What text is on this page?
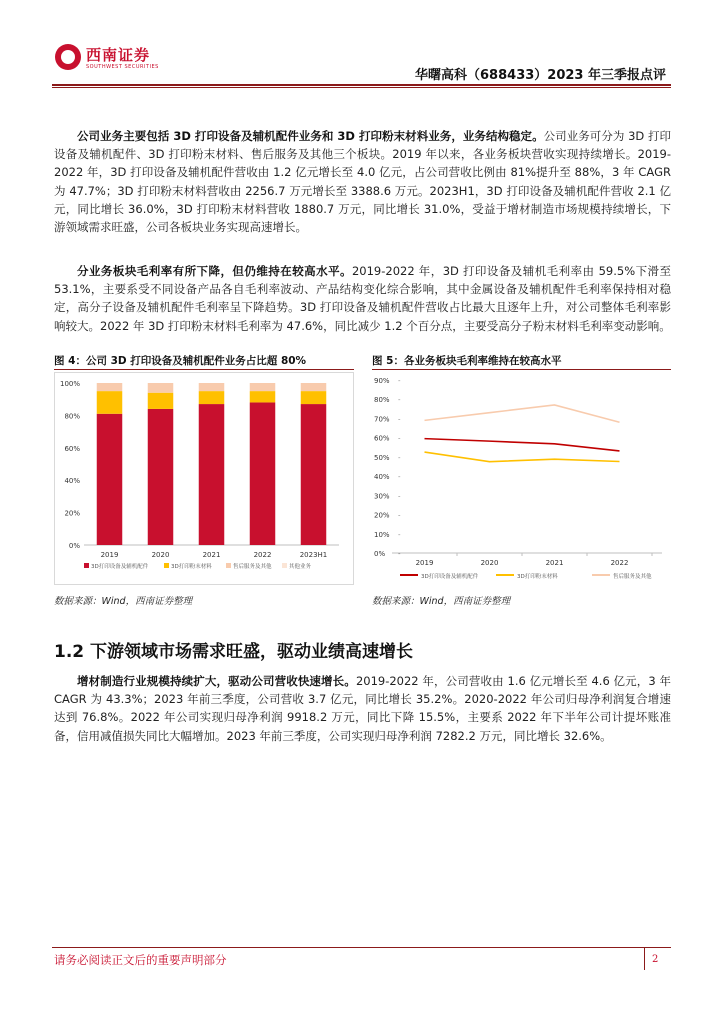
西南证券
SOUTHWEST SECURITIES
华曙高科（688433）2023 年三季报点评
公司业务主要包括 3D 打印设备及辅机配件业务和 3D 打印粉末材料业务，业务结构稳定。公司业务可分为 3D 打印设备及辅机配件、3D 打印粉末材料、售后服务及其他三个板块。2019 年以来，各业务板块营收实现持续增长。2019-2022 年，3D 打印设备及辅机配件营收由 1.2 亿元增长至 4.0 亿元，占公司营收比例由 81%提升至 88%，3 年 CAGR 为 47.7%；3D 打印粉末材料营收由 2256.7 万元增长至 3388.6 万元。2023H1，3D 打印设备及辅机配件营收 2.1 亿元，同比增长 36.0%，3D 打印粉末材料营收 1880.7 万元，同比增长 31.0%，受益于增材制造市场规模持续增长，下游领域需求旺盛，公司各板块业务实现高速增长。
分业务板块毛利率有所下降，但仍维持在较高水平。2019-2022 年，3D 打印设备及辅机毛利率由 59.5%下滑至 53.1%，主要系受不同设备产品各自毛利率波动、产品结构变化综合影响，其中金属设备及辅机配件毛利率保持相对稳定，高分子设备及辅机配件毛利率呈下降趋势。3D 打印设备及辅机配件营收占比最大且逐年上升，对公司整体毛利率影响较大。2022 年 3D 打印粉末材料毛利率为 47.6%，同比减少 1.2 个百分点，主要受高分子粉末材料毛利率变动影响。
图 4：公司 3D 打印设备及辅机配件业务占比超 80%
0%
20%
40%
60%
80%
100%
2019	2020	2021	2022	2023H1
3D打印设备及辅机配件	3D打印粉末材料	售后服务及其他	其他业务
数据来源：Wind，西南证券整理
图 5：各业务板块毛利率维持在较高水平
0% -
10% -
20% -
30% -
40% -
50% -
60% -
70% -
80% -
90% -
2019	2020	2021	2022
3D打印设备及辅机配件	3D打印粉末材料	售后服务及其他
数据来源：Wind，西南证券整理
1.2 下游领域市场需求旺盛，驱动业绩高速增长
增材制造行业规模持续扩大，驱动公司营收快速增长。2019-2022 年，公司营收由 1.6 亿元增长至 4.6 亿元，3 年 CAGR 为 43.3%；2023 年前三季度，公司营收 3.7 亿元，同比增长 35.2%。2020-2022 年公司归母净利润复合增速达到 76.8%。2022 年公司实现归母净利润 9918.2 万元，同比下降 15.5%，主要系 2022 年下半年公司计提坏账准备，信用减值损失同比大幅增加。2023 年前三季度，公司实现归母净利润 7282.2 万元，同比增长 32.6%。
请务必阅读正文后的重要声明部分	2
